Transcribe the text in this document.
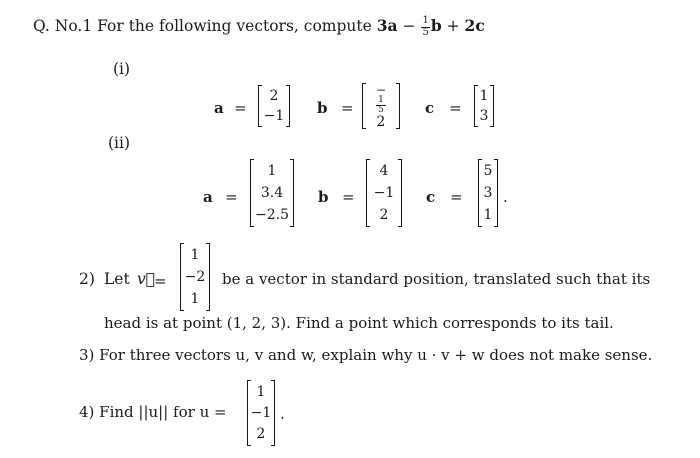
Q. No.1 For the following vectors, compute $3a - \frac{1}{5}$ b + 2c
(i)
a =
2
−1 b =
−
1
5
2
c =
1
3
(ii)
a =
1
3.4
−2.5
b =
4
−1
2
c =
5
3
1
.
2) Let v⃗
=
1
−2
1
be a vector in standard position, translated such that its
head is at point (1, 2, 3). Find a point which corresponds to its tail.
3) For three vectors u, v and w, explain why u · v + w does not make sense.
4) Find ||u|| for u =
1
−1
2
.
